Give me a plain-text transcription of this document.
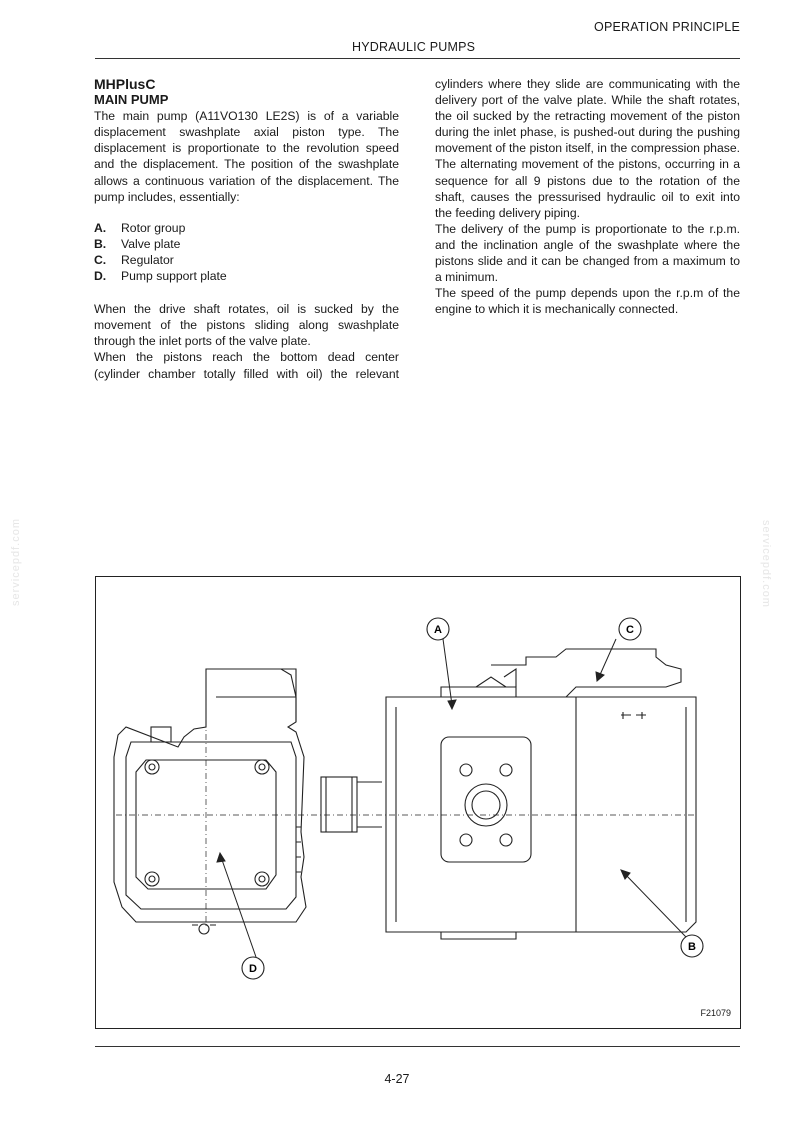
OPERATION PRINCIPLE
HYDRAULIC PUMPS

MHPlusC

MAIN PUMP

The main pump (A11VO130 LE2S) is of a variable displacement swashplate axial piston type. The displacement is proportionate to the revolution speed and the displacement. The position of the swashplate allows a continuous variation of the displacement. The pump includes, essentially:

A.	Rotor group
B.	Valve plate
C.	Regulator
D.	Pump support plate

When the drive shaft rotates, oil is sucked by the movement of the pistons sliding along swashplate through the inlet ports of the valve plate.

When the pistons reach the bottom dead center (cylinder chamber totally filled with oil) the relevant

cylinders where they slide are communicating with the delivery port of the valve plate. While the shaft rotates, the oil sucked by the retracting movement of the piston during the inlet phase, is pushed-out during the pushing movement of the piston itself, in the compression phase. The alternating movement of the pistons, occurring in a sequence for all 9 pistons due to the rotation of the shaft, causes the pressurised hydraulic oil to exit into the feeding delivery piping.

The delivery of the pump is proportionate to the r.p.m. and the inclination angle of the swashplate where the pistons slide and it can be changed from a maximum to a minimum.

The speed of the pump depends upon the r.p.m of the engine to which it is mechanically connected.

A	C
B
D
F21079
4-27
servicepdf.com	servicepdf.com
